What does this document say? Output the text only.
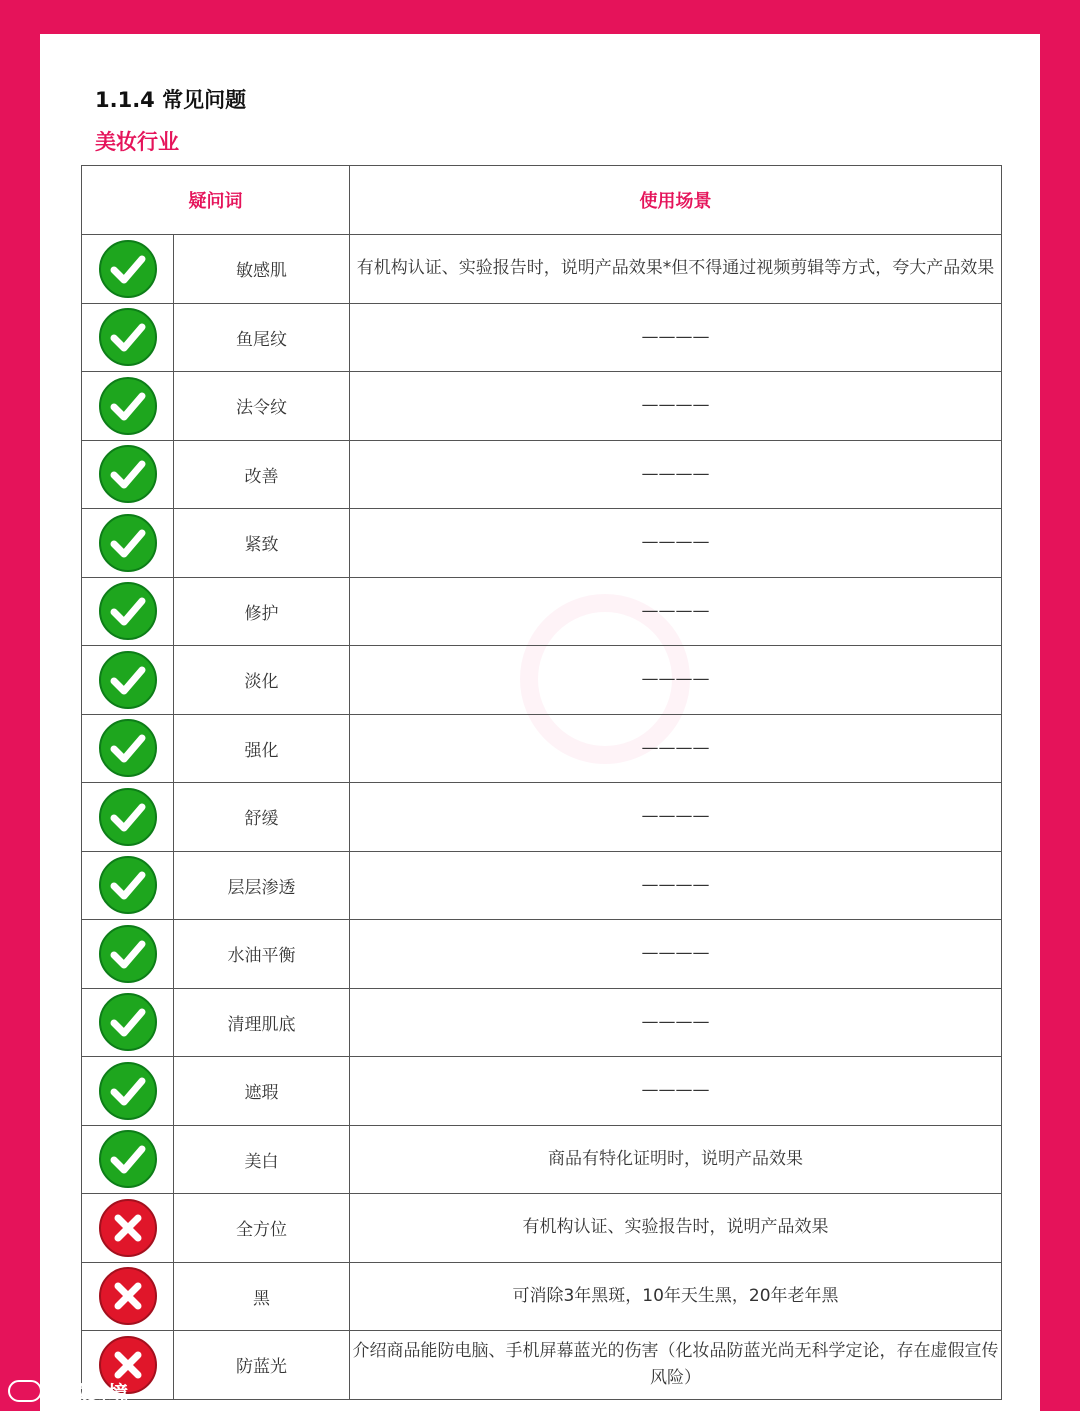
1.1.4 常见问题
美妆行业
疑问词		使用场景

	敏感肌	有机构认证、实验报告时，说明产品效果*但不得通过视频剪辑等方式，夸大产品效果

	鱼尾纹	————

	法令纹	————

	改善	————

	紧致	————

	修护	————

	淡化	————

	强化	————

	舒缓	————

	层层渗透	————

	水油平衡	————

	清理肌底	————

	遮瑕	————

	美白	商品有特化证明时，说明产品效果

	全方位	有机构认证、实验报告时，说明产品效果

	黑	可消除3年黑斑，10年天生黑，20年老年黑

	防蓝光	介绍商品能防电脑、手机屏幕蓝光的伤害（化妆品防蓝光尚无科学定论，存在虚假宣传风险）
大数跨境
